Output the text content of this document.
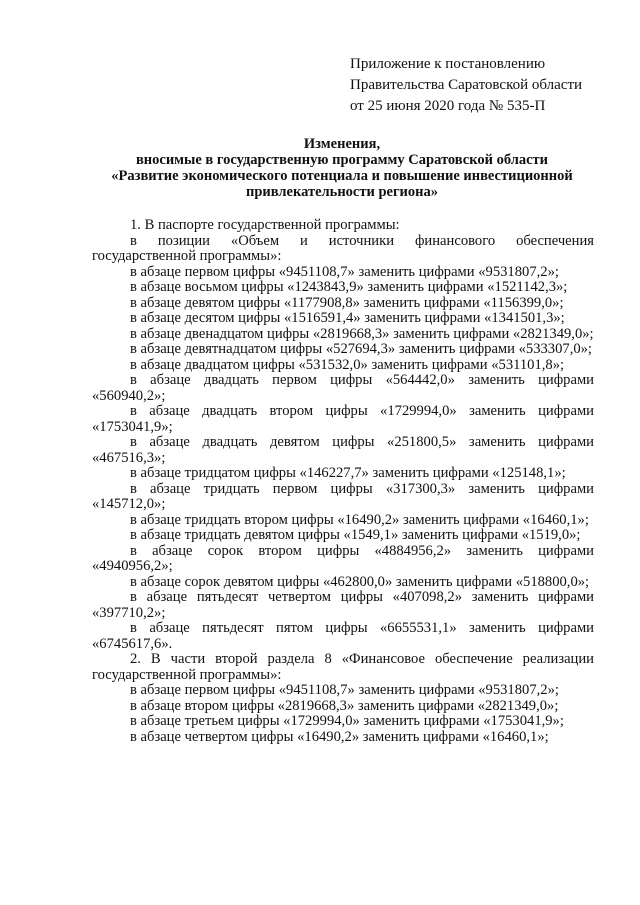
Приложение к постановлению
Правительства Саратовской области
от 25 июня 2020 года № 535-П
Изменения,
вносимые в государственную программу Саратовской области
«Развитие экономического потенциала и повышение инвестиционной привлекательности региона»

1. В паспорте государственной программы:

в позиции «Объем и источники финансового обеспечения государственной программы»:

в абзаце первом цифры «9451108,7» заменить цифрами «9531807,2»;

в абзаце восьмом цифры «1243843,9» заменить цифрами «1521142,3»;

в абзаце девятом цифры «1177908,8» заменить цифрами «1156399,0»;

в абзаце десятом цифры «1516591,4» заменить цифрами «1341501,3»;

в абзаце двенадцатом цифры «2819668,3» заменить цифрами «2821349,0»;

в абзаце девятнадцатом цифры «527694,3» заменить цифрами «533307,0»;

в абзаце двадцатом цифры «531532,0» заменить цифрами «531101,8»;

в абзаце двадцать первом цифры «564442,0» заменить цифрами «560940,2»;

в абзаце двадцать втором цифры «1729994,0» заменить цифрами «1753041,9»;

в абзаце двадцать девятом цифры «251800,5» заменить цифрами «467516,3»;

в абзаце тридцатом цифры «146227,7» заменить цифрами «125148,1»;

в абзаце тридцать первом цифры «317300,3» заменить цифрами «145712,0»;

в абзаце тридцать втором цифры «16490,2» заменить цифрами «16460,1»;

в абзаце тридцать девятом цифры «1549,1» заменить цифрами «1519,0»;

в абзаце сорок втором цифры «4884956,2» заменить цифрами «4940956,2»;

в абзаце сорок девятом цифры «462800,0» заменить цифрами «518800,0»;

в абзаце пятьдесят четвертом цифры «407098,2» заменить цифрами «397710,2»;

в абзаце пятьдесят пятом цифры «6655531,1» заменить цифрами «6745617,6».

2. В части второй раздела 8 «Финансовое обеспечение реализации государственной программы»:

в абзаце первом цифры «9451108,7» заменить цифрами «9531807,2»;

в абзаце втором цифры «2819668,3» заменить цифрами «2821349,0»;

в абзаце третьем цифры «1729994,0» заменить цифрами «1753041,9»;

в абзаце четвертом цифры «16490,2» заменить цифрами «16460,1»;
